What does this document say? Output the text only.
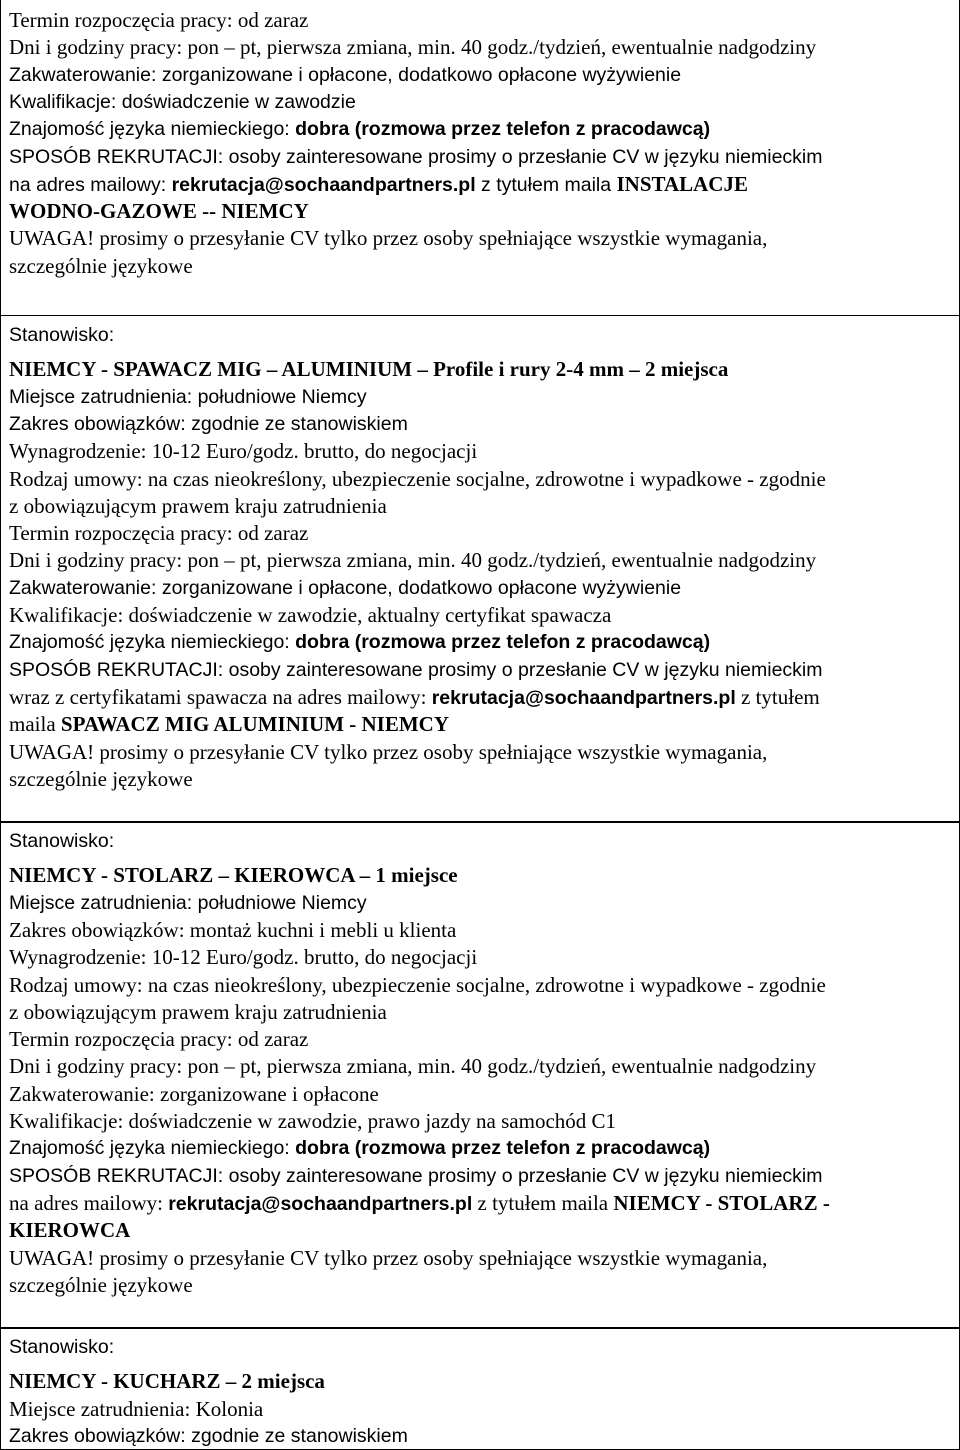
Termin rozpoczęcia pracy: od zaraz
Dni i godziny pracy: pon – pt, pierwsza zmiana, min. 40 godz./tydzień, ewentualnie nadgodziny
Zakwaterowanie: zorganizowane i opłacone, dodatkowo opłacone wyżywienie
Kwalifikacje: doświadczenie w zawodzie
Znajomość języka niemieckiego: dobra (rozmowa przez telefon z pracodawcą)
SPOSÓB REKRUTACJI: osoby zainteresowane prosimy o przesłanie CV w języku niemieckim
na adres mailowy: rekrutacja@sochaandpartners.pl z tytułem maila INSTALACJE
WODNO-GAZOWE -- NIEMCY
UWAGA! prosimy o przesyłanie CV tylko przez osoby spełniające wszystkie wymagania,
szczególnie językowe
Stanowisko:
NIEMCY - SPAWACZ MIG – ALUMINIUM – Profile i rury 2-4 mm – 2 miejsca
Miejsce zatrudnienia: południowe Niemcy
Zakres obowiązków: zgodnie ze stanowiskiem
Wynagrodzenie: 10-12 Euro/godz. brutto, do negocjacji
Rodzaj umowy: na czas nieokreślony, ubezpieczenie socjalne, zdrowotne i wypadkowe - zgodnie
z obowiązującym prawem kraju zatrudnienia
Termin rozpoczęcia pracy: od zaraz
Dni i godziny pracy: pon – pt, pierwsza zmiana, min. 40 godz./tydzień, ewentualnie nadgodziny
Zakwaterowanie: zorganizowane i opłacone, dodatkowo opłacone wyżywienie
Kwalifikacje: doświadczenie w zawodzie, aktualny certyfikat spawacza
Znajomość języka niemieckiego: dobra (rozmowa przez telefon z pracodawcą)
SPOSÓB REKRUTACJI: osoby zainteresowane prosimy o przesłanie CV w języku niemieckim
wraz z certyfikatami spawacza na adres mailowy: rekrutacja@sochaandpartners.pl z tytułem
maila SPAWACZ MIG ALUMINIUM - NIEMCY
UWAGA! prosimy o przesyłanie CV tylko przez osoby spełniające wszystkie wymagania,
szczególnie językowe
Stanowisko:
NIEMCY - STOLARZ – KIEROWCA – 1 miejsce
Miejsce zatrudnienia: południowe Niemcy
Zakres obowiązków: montaż kuchni i mebli u klienta
Wynagrodzenie: 10-12 Euro/godz. brutto, do negocjacji
Rodzaj umowy: na czas nieokreślony, ubezpieczenie socjalne, zdrowotne i wypadkowe - zgodnie
z obowiązującym prawem kraju zatrudnienia
Termin rozpoczęcia pracy: od zaraz
Dni i godziny pracy: pon – pt, pierwsza zmiana, min. 40 godz./tydzień, ewentualnie nadgodziny
Zakwaterowanie: zorganizowane i opłacone
Kwalifikacje: doświadczenie w zawodzie, prawo jazdy na samochód C1
Znajomość języka niemieckiego: dobra (rozmowa przez telefon z pracodawcą)
SPOSÓB REKRUTACJI: osoby zainteresowane prosimy o przesłanie CV w języku niemieckim
na adres mailowy: rekrutacja@sochaandpartners.pl z tytułem maila NIEMCY - STOLARZ -
KIEROWCA
UWAGA! prosimy o przesyłanie CV tylko przez osoby spełniające wszystkie wymagania,
szczególnie językowe
Stanowisko:
NIEMCY - KUCHARZ – 2 miejsca
Miejsce zatrudnienia: Kolonia
Zakres obowiązków: zgodnie ze stanowiskiem
